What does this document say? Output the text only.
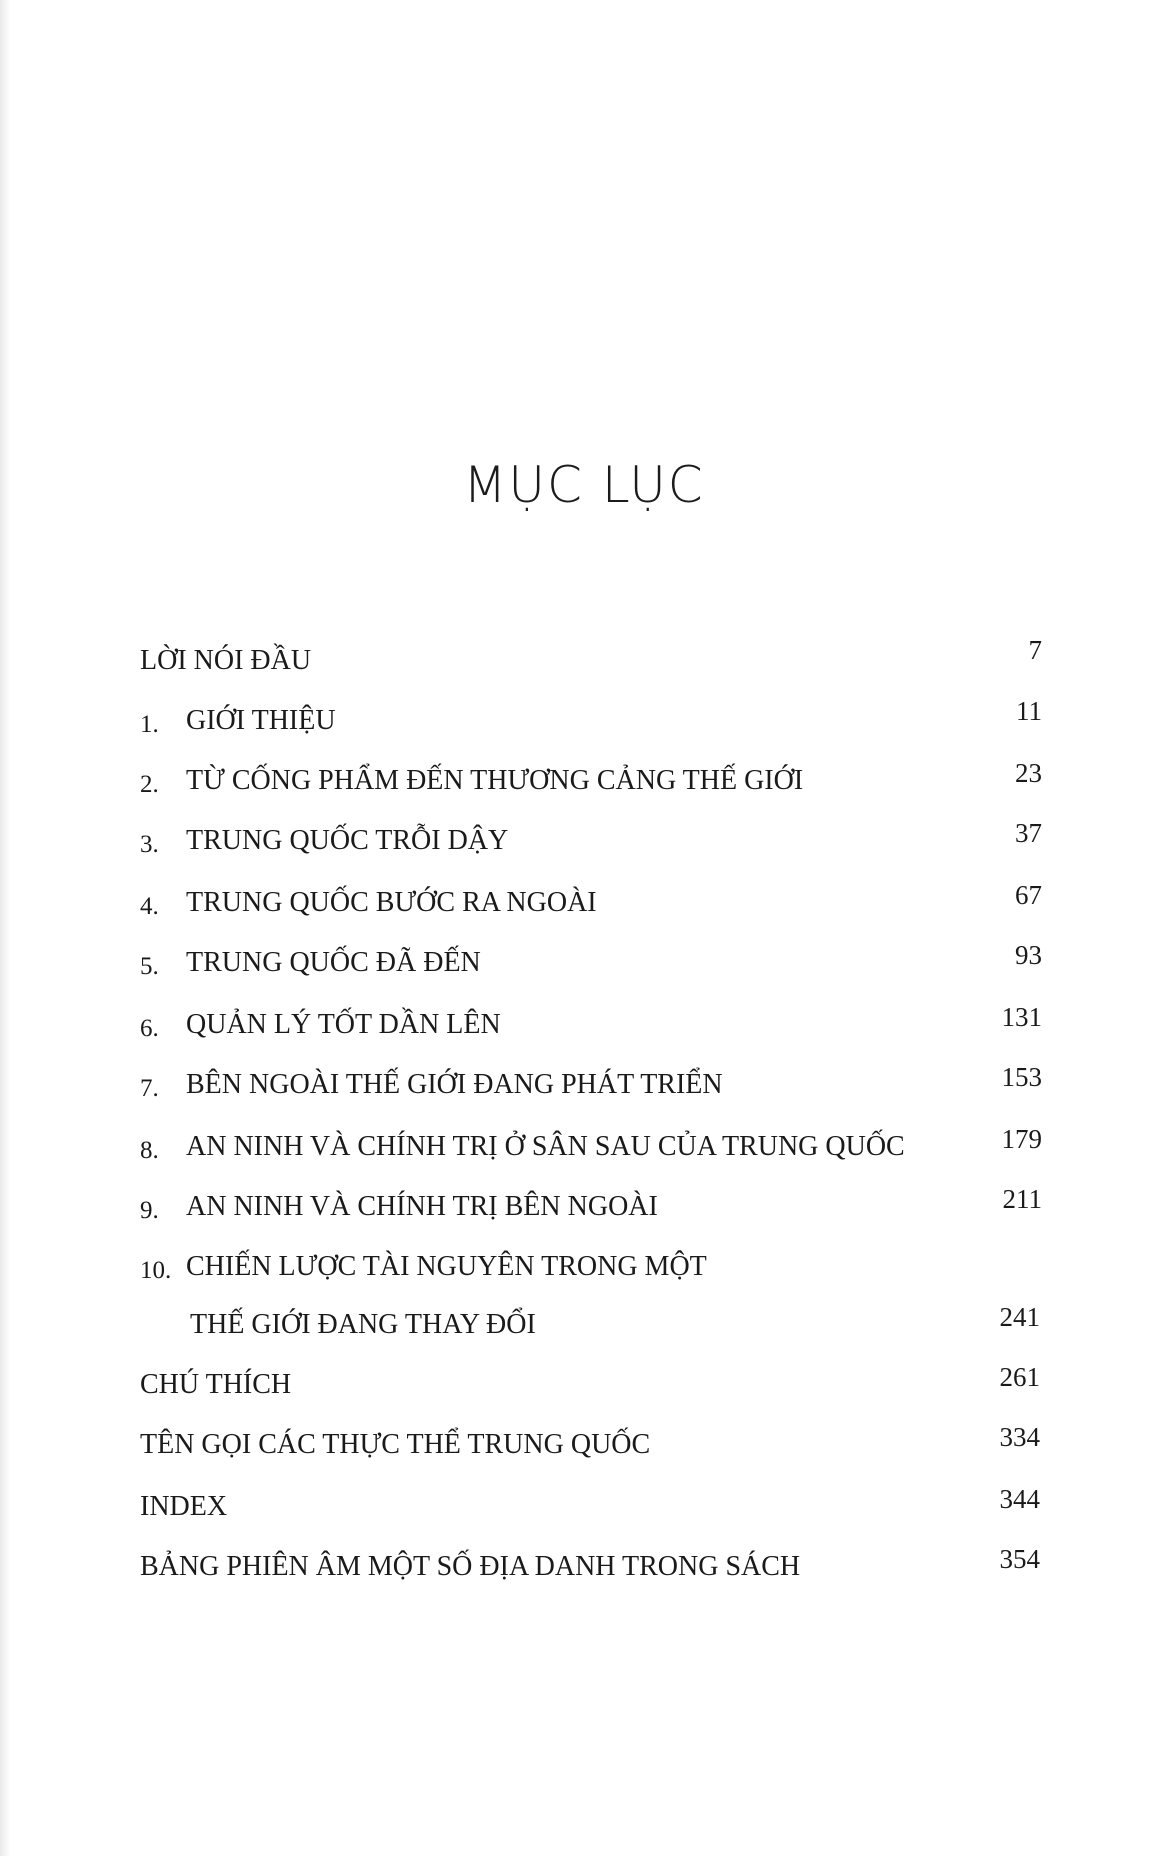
MỤC LỤC
LỜI NÓI ĐẦU	7
1. GIỚI THIỆU	11
2. TỪ CỐNG PHẨM ĐẾN THƯƠNG CẢNG THẾ GIỚI	23
3. TRUNG QUỐC TRỖI DẬY	37
4. TRUNG QUỐC BƯỚC RA NGOÀI	67
5. TRUNG QUỐC ĐÃ ĐẾN	93
6. QUẢN LÝ TỐT DẦN LÊN	131
7. BÊN NGOÀI THẾ GIỚI ĐANG PHÁT TRIỂN	153
8. AN NINH VÀ CHÍNH TRỊ Ở SÂN SAU CỦA TRUNG QUỐC	179
9. AN NINH VÀ CHÍNH TRỊ BÊN NGOÀI	211
10. CHIẾN LƯỢC TÀI NGUYÊN TRONG MỘT
THẾ GIỚI ĐANG THAY ĐỔI	241
CHÚ THÍCH	261
TÊN GỌI CÁC THỰC THỂ TRUNG QUỐC	334
INDEX	344
BẢNG PHIÊN ÂM MỘT SỐ ĐỊA DANH TRONG SÁCH	354
